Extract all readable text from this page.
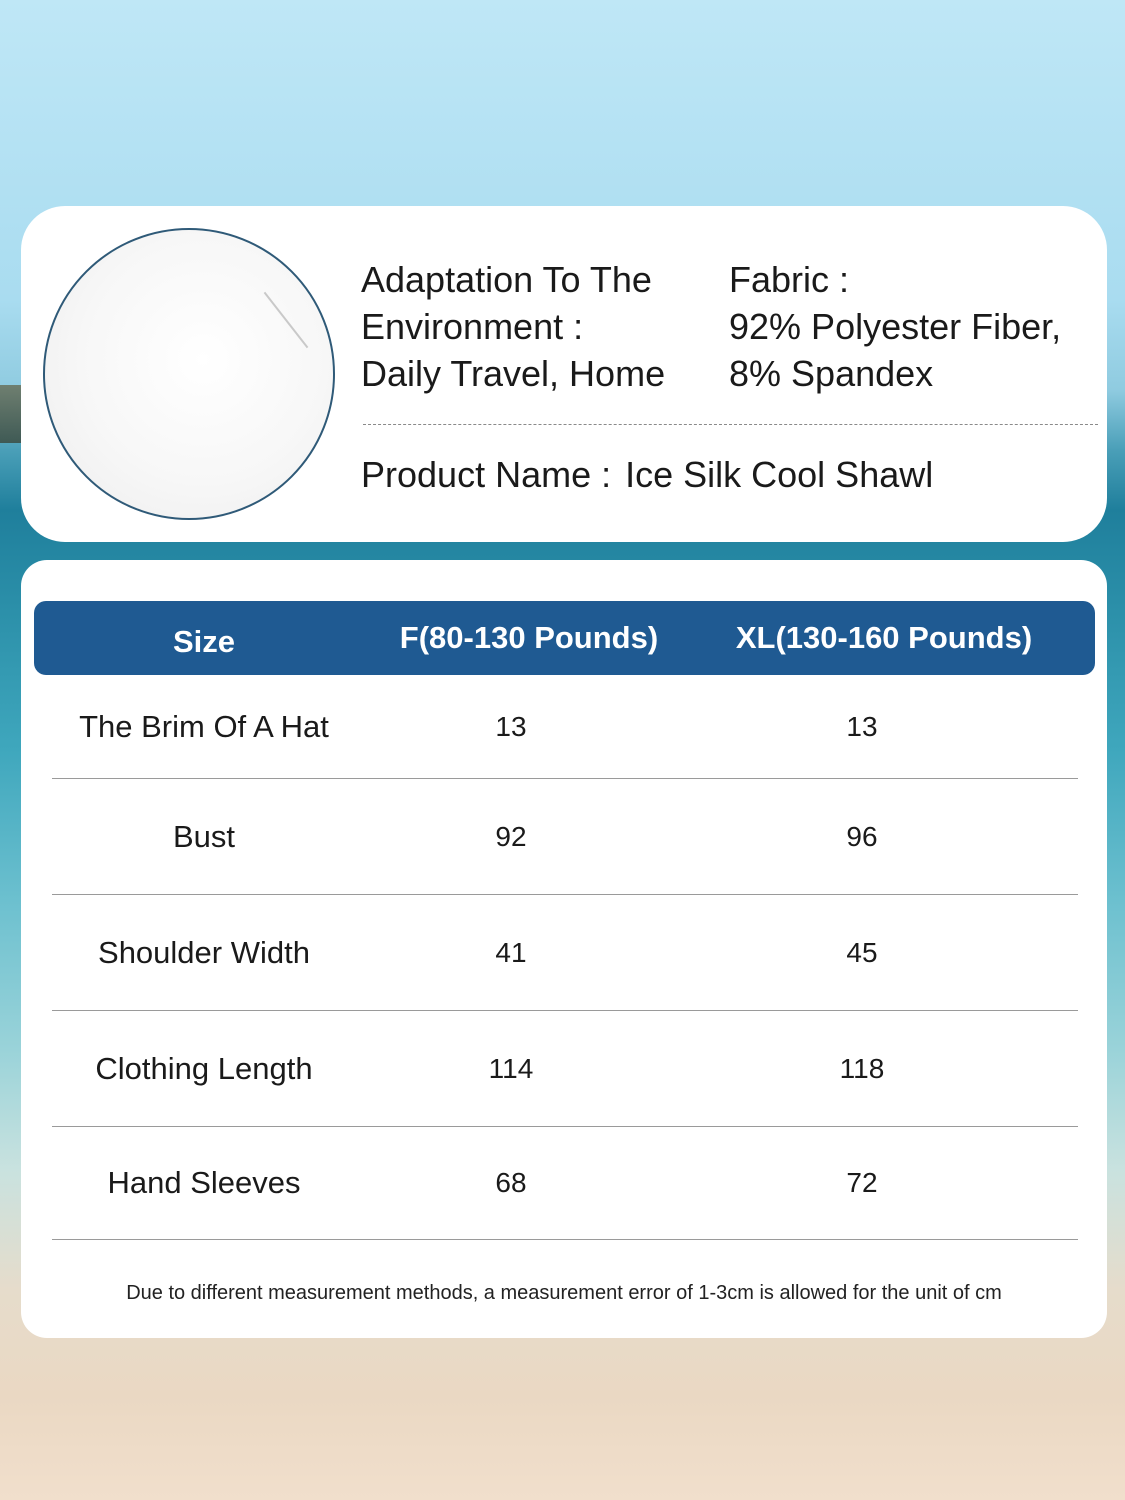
Adaptation To The
Environment :
Daily Travel, Home
Fabric :
92% Polyester Fiber,
8% Spandex
Product Name : Ice Silk Cool Shawl
Size	F(80-130 Pounds)	XL(130-160 Pounds)
The Brim Of A Hat	13	13
Bust	92	96
Shoulder Width	41	45
Clothing Length	114	118
Hand Sleeves	68	72
Due to different measurement methods, a measurement error of 1-3cm is allowed for the unit of cm
